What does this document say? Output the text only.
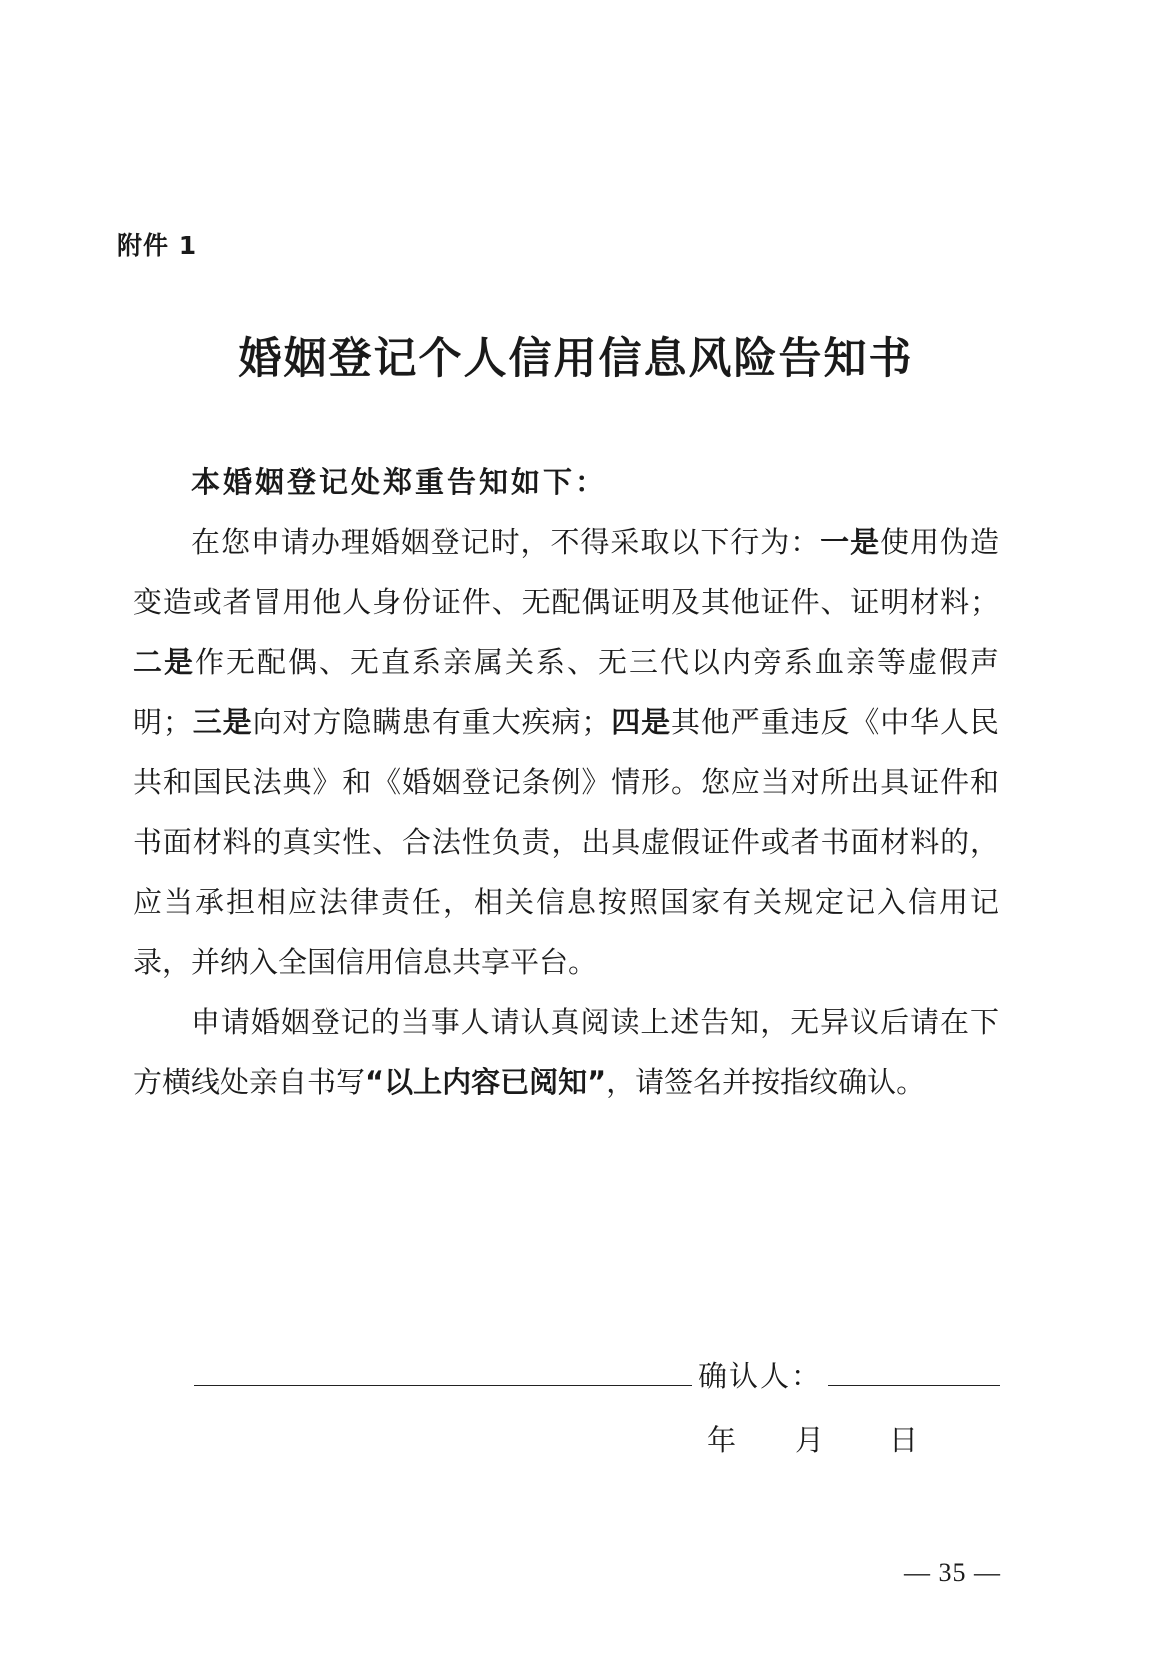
附件 1
婚姻登记个人信用信息风险告知书

本婚姻登记处郑重告知如下：

在您申请办理婚姻登记时，不得采取以下行为：一是使用伪造变造或者冒用他人身份证件、无配偶证明及其他证件、证明材料；二是作无配偶、无直系亲属关系、无三代以内旁系血亲等虚假声明；三是向对方隐瞒患有重大疾病；四是其他严重违反《中华人民共和国民法典》和《婚姻登记条例》情形。您应当对所出具证件和书面材料的真实性、合法性负责，出具虚假证件或者书面材料的，应当承担相应法律责任，相关信息按照国家有关规定记入信用记录，并纳入全国信用信息共享平台。

申请婚姻登记的当事人请认真阅读上述告知，无异议后请在下方横线处亲自书写“以上内容已阅知”，请签名并按指纹确认。

确认人：
年 月 日
— 35 —
